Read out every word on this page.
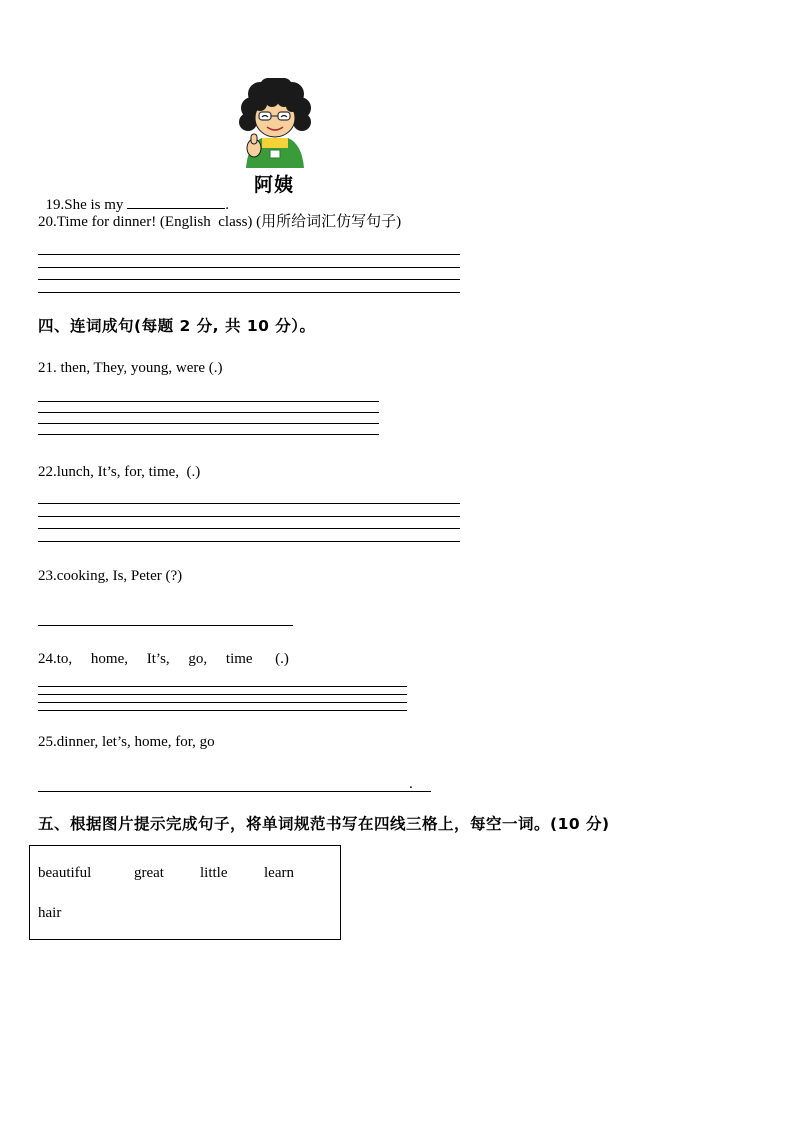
阿姨

19.She is my	.

20.Time for dinner! (English  class) (用所给词汇仿写句子)
四、连词成句(每题 2 分, 共 10 分）。
21. then, They, young, were (.)
22.lunch, It’s, for, time,  (.)
23.cooking, Is, Peter (?)
24.to,     home,     It’s,     go,     time      (.)
25.dinner, let’s, home, for, go
.
五、根据图片提示完成句子，将单词规范书写在四线三格上，每空一词。(10 分)
beautiful	great little learn
hair
